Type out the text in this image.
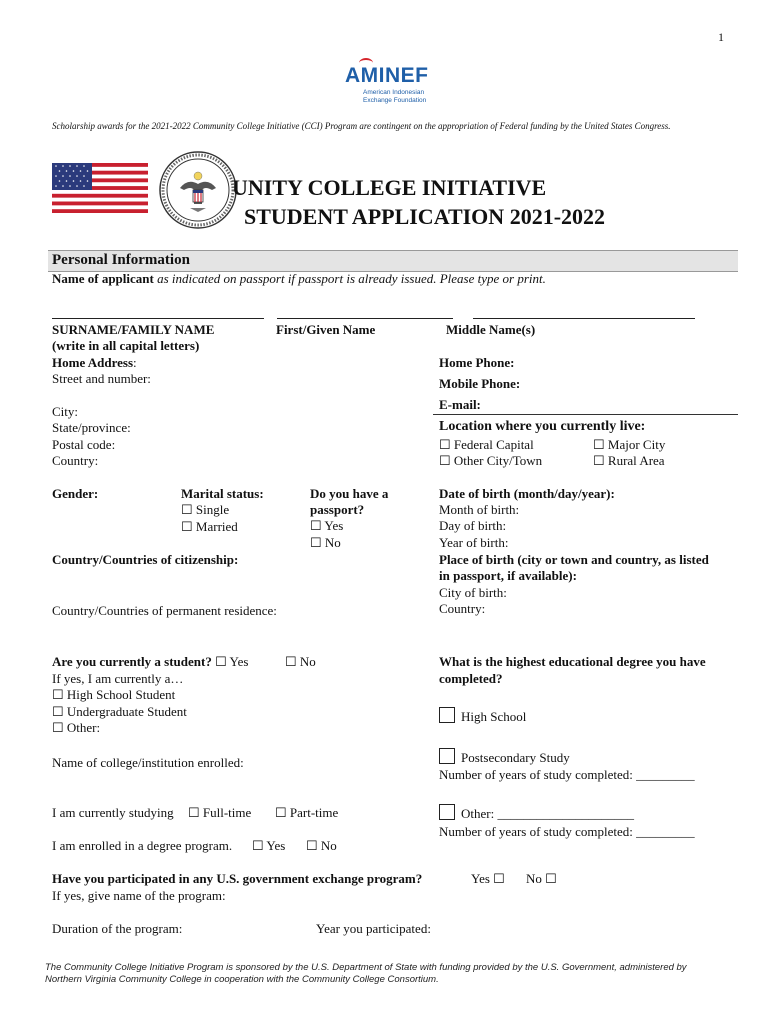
1
AMINEF
American Indonesian
Exchange Foundation
Scholarship awards for the 2021-2022 Community College Initiative (CCI) Program are contingent on the appropriation of Federal funding by the United States Congress.
UNITY COLLEGE INITIATIVE
STUDENT APPLICATION 2021-2022
Personal Information
Name of applicant as indicated on passport if passport is already issued. Please type or print.
SURNAME/FAMILY NAME
(write in all capital letters)
First/Given Name	Middle Name(s)
Home Address:
Street and number:
City:
State/province:
Postal code:
Country:
Home Phone:
Mobile Phone:
E-mail:
Location where you currently live:
☐ Federal Capital	☐ Major City
☐ Other City/Town	☐ Rural Area
Gender:	Marital status:
☐ Single
☐ Married
Do you have a
passport?
☐ Yes
☐ No
Date of birth (month/day/year):
Month of birth:
Day of birth:
Year of birth:
Place of birth (city or town and country, as listed
in passport, if available):
City of birth:
Country:
Country/Countries of citizenship:
Country/Countries of permanent residence:
Are you currently a student? ☐ Yes	☐ No
If yes, I am currently a…
☐ High School Student
☐ Undergraduate Student
☐ Other:
Name of college/institution enrolled:
I am currently studying ☐ Full-time ☐ Part-time
I am enrolled in a degree program. ☐ Yes ☐ No
What is the highest educational degree you have
completed?
High School
Postsecondary Study
Number of years of study completed: _________
Other: _____________________
Number of years of study completed: _________
Have you participated in any U.S. government exchange program?	Yes ☐ No ☐
If yes, give name of the program:
Duration of the program:	Year you participated:
The Community College Initiative Program is sponsored by the U.S. Department of State with funding provided by the U.S. Government, administered by Northern Virginia Community College in cooperation with the Community College Consortium.
